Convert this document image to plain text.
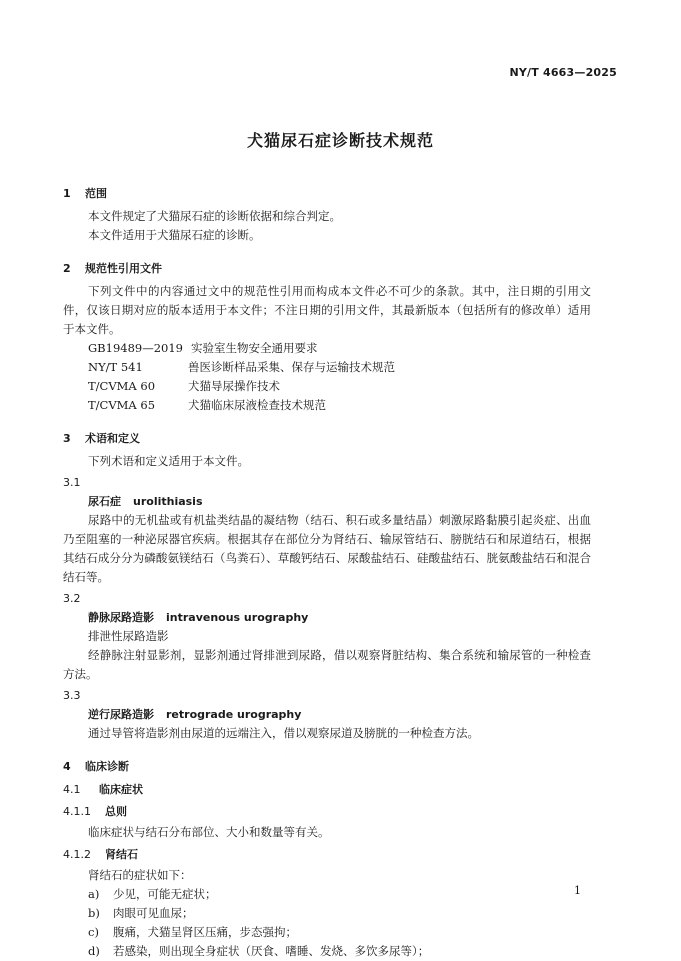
NY/T 4663—2025
犬猫尿石症诊断技术规范
1 范围

本文件规定了犬猫尿石症的诊断依据和综合判定。

本文件适用于犬猫尿石症的诊断。

2 规范性引用文件

下列文件中的内容通过文中的规范性引用而构成本文件必不可少的条款。其中，注日期的引用文件，仅该日期对应的版本适用于本文件；不注日期的引用文件，其最新版本（包括所有的修改单）适用于本文件。

GB19489—2019 实验室生物安全通用要求
NY/T 541	兽医诊断样品采集、保存与运输技术规范
T/CVMA 60	犬猫导尿操作技术
T/CVMA 65	犬猫临床尿液检查技术规范
3 术语和定义

下列术语和定义适用于本文件。

3.1
尿石症 urolithiasis

尿路中的无机盐或有机盐类结晶的凝结物（结石、积石或多量结晶）刺激尿路黏膜引起炎症、出血乃至阻塞的一种泌尿器官疾病。根据其存在部位分为肾结石、输尿管结石、膀胱结石和尿道结石，根据其结石成分分为磷酸氨镁结石（鸟粪石）、草酸钙结石、尿酸盐结石、硅酸盐结石、胱氨酸盐结石和混合结石等。

3.2
静脉尿路造影 intravenous urography

排泄性尿路造影

经静脉注射显影剂，显影剂通过肾排泄到尿路，借以观察肾脏结构、集合系统和输尿管的一种检查方法。

3.3
逆行尿路造影 retrograde urography

通过导管将造影剂由尿道的远端注入，借以观察尿道及膀胱的一种检查方法。

4 临床诊断
4.1 临床症状
4.1.1 总则

临床症状与结石分布部位、大小和数量等有关。

4.1.2 肾结石

肾结石的症状如下：

a) 少见，可能无症状；
b) 肉眼可见血尿；
c) 腹痛，犬猫呈肾区压痛，步态强拘；
d) 若感染，则出现全身症状（厌食、嗜睡、发烧、多饮多尿等）；
1
